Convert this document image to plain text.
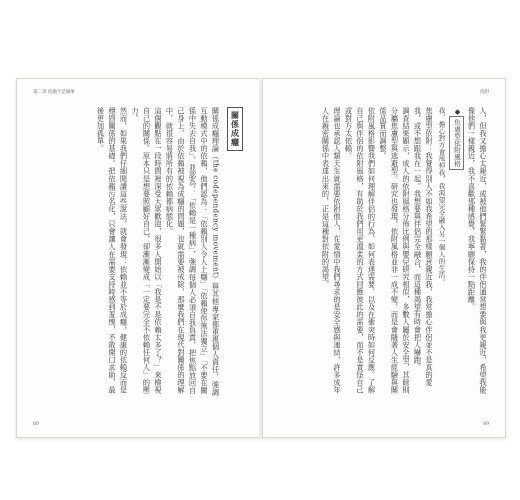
第二章 依賴不是壞事
關係成癮

關係成癮理論（the codependency movement）與其他專家都重視個人責任，強調互動模式中的依賴，他們認為：「依賴別人令人上癮」「依賴使你無法獨立」「不要在關係中失去自我」，並認為：「依賴是一種病」，強調每個人必須自我負責，把焦點放回自己身上。由於依賴被視為成癮的問題，也就需要被戒除，那麼我們在現代對關係的理解中，就很容易將所有的依賴都病態化。

這個觀點在一段時間裡深受大眾歡迎，很多人開始以「我是不是依賴太多了？」來檢視自己的關係。原本只是想要照顧好自己，卻漸漸變成「一定要完全不依賴任何人」的壓力。

然而，如果我們仔細閱讀這些說法，就會發現：依賴並不等於成癮，健康的依賴反而是穩固關係的基礎。把依賴污名化，只會讓人在需要支持時感到羞愧，不敢開口求助，最後更加孤單。

80
依附

人，但我又擔心太親近，或被他們緊緊黏著，我的伴侶通常想要與我更親近，希望我能像他們一樣親近，我不喜歡那種感覺，我寧願保持一點距離。

◆焦慮型依附風格

我，擔心對方會甩掉我，我渴望完全融入另一個人的生活。

焦慮型依附：我覺得別人不如我希望的那樣願意親近我，我常擔心伴侶並不是真的愛我，或不想跟我在一起。我想要與伴侶完全融合，而這種渴望有時會把人嚇跑。

調查結果顯示，成人的依附風格分佈比例與嬰兒研究相似，多數人屬於安全型，其餘則分屬焦慮型與逃避型。研究也發現，依附風格並非一成不變，而是會隨著人生經驗與關係品質而調整。

依附風格影響我們如何理解伴侶的行為、如何表達需要、以及在衝突時如何反應。了解自己與伴侶的依附風格，有助於我們用更溫柔的方式回應彼此的需要，而不是責怪自己或對方太依賴。

理論也承認人類天生就需要依附他人，在愛情中我們尋求的是安全感與連結，許多成年人在親密關係中表達出來的，正是這種對依附的渴望。

89
